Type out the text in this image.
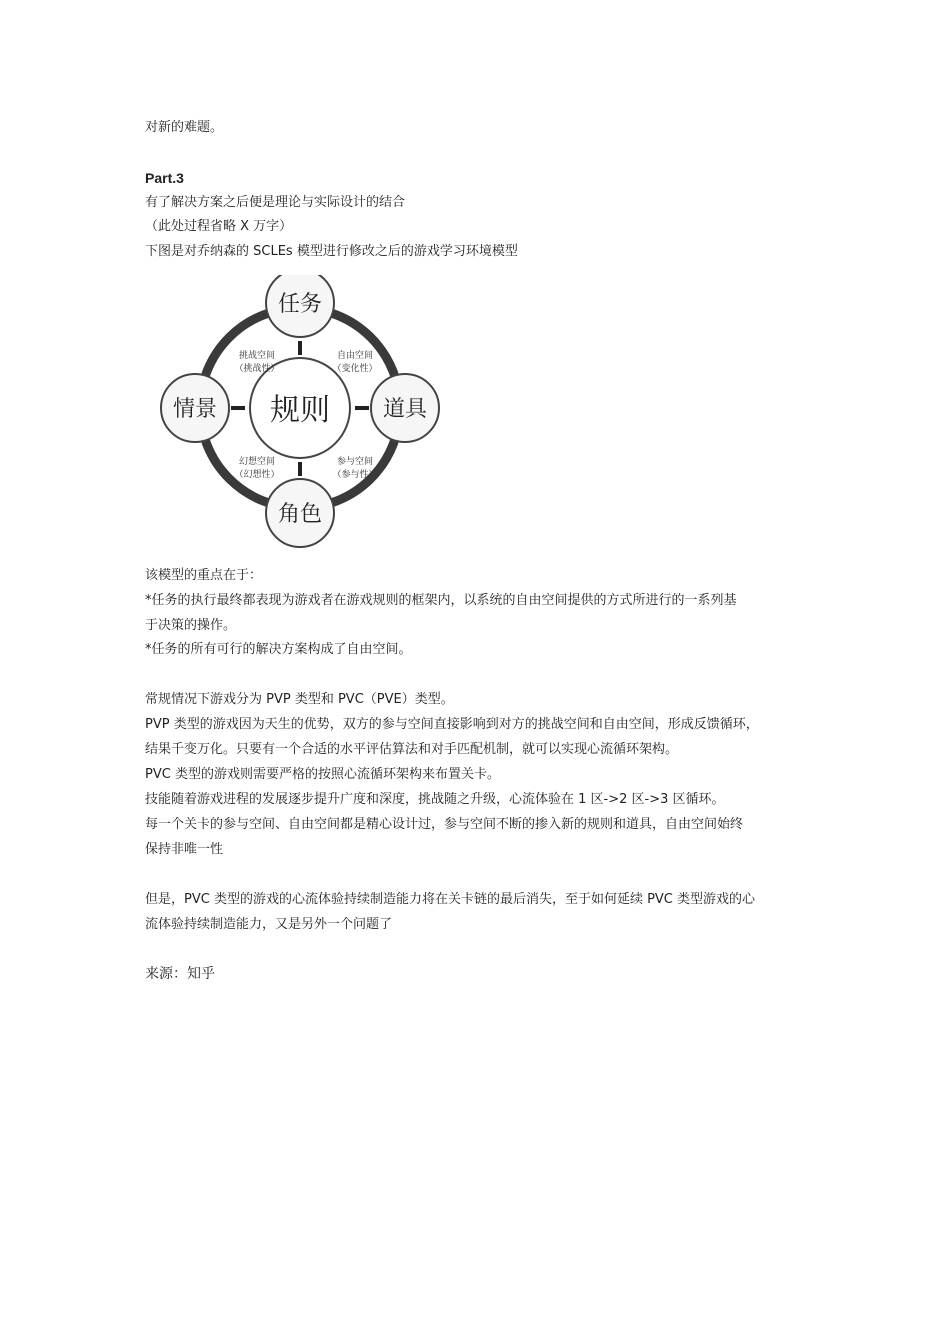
对新的难题。
Part.3
有了解决方案之后便是理论与实际设计的结合
（此处过程省略 X 万字）
下图是对乔纳森的 SCLEs 模型进行修改之后的游戏学习环境模型
规则
任务
道具
角色
情景
挑战空间
（挑战性）
自由空间
（变化性）
幻想空间
（幻想性）
参与空间
（参与性）
该模型的重点在于：
*任务的执行最终都表现为游戏者在游戏规则的框架内，以系统的自由空间提供的方式所进行的一系列基
于决策的操作。
*任务的所有可行的解决方案构成了自由空间。
常规情况下游戏分为 PVP 类型和 PVC（PVE）类型。
PVP 类型的游戏因为天生的优势，双方的参与空间直接影响到对方的挑战空间和自由空间，形成反馈循环，
结果千变万化。只要有一个合适的水平评估算法和对手匹配机制，就可以实现心流循环架构。
PVC 类型的游戏则需要严格的按照心流循环架构来布置关卡。
技能随着游戏进程的发展逐步提升广度和深度，挑战随之升级，心流体验在 1 区->2 区->3 区循环。
每一个关卡的参与空间、自由空间都是精心设计过，参与空间不断的掺入新的规则和道具，自由空间始终
保持非唯一性
但是，PVC 类型的游戏的心流体验持续制造能力将在关卡链的最后消失，至于如何延续 PVC 类型游戏的心
流体验持续制造能力，又是另外一个问题了
来源：知乎
